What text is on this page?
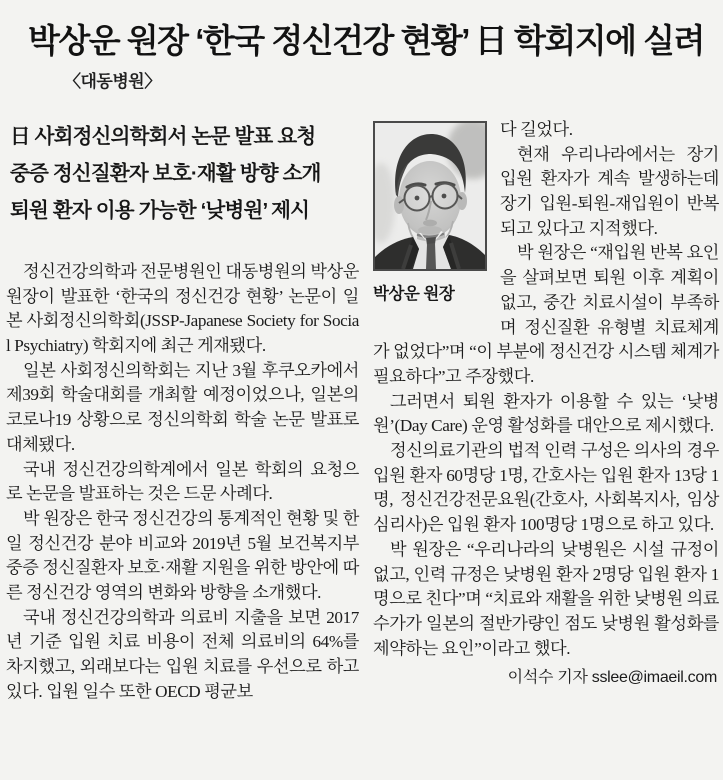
박상운 원장 ‘한국 정신건강 현황’ 日 학회지에 실려
〈대동병원〉
日 사회정신의학회서 논문 발표 요청
중증 정신질환자 보호·재활 방향 소개
퇴원 환자 이용 가능한 ‘낮병원’ 제시

정신건강의학과 전문병원인 대동병원의 박상운 원장이 발표한 ‘한국의 정신건강 현황’ 논문이 일본 사회정신의학회(JSSP-Japanese Society for Social Psychiatry) 학회지에 최근 게재됐다.

일본 사회정신의학회는 지난 3월 후쿠오카에서 제39회 학술대회를 개최할 예정이었으나, 일본의 코로나19 상황으로 정신의학회 학술 논문 발표로 대체됐다.

국내 정신건강의학계에서 일본 학회의 요청으로 논문을 발표하는 것은 드문 사례다.

박 원장은 한국 정신건강의 통계적인 현황 및 한일 정신건강 분야 비교와 2019년 5월 보건복지부 중증 정신질환자 보호·재활 지원을 위한 방안에 따른 정신건강 영역의 변화와 방향을 소개했다.

국내 정신건강의학과 의료비 지출을 보면 2017년 기준 입원 치료 비용이 전체 의료비의 64%를 차지했고, 외래보다는 입원 치료를 우선으로 하고 있다. 입원 일수 또한 OECD 평균보

박상운 원장

다 길었다.

현재 우리나라에서는 장기 입원 환자가 계속 발생하는데 장기 입원-퇴원-재입원이 반복되고 있다고 지적했다.

박 원장은 “재입원 반복 요인을 살펴보면 퇴원 이후 계획이 없고, 중간 치료시설이 부족하며 정신질환 유형별 치료체계가 없었다”며 “이 부분에 정신건강 시스템 체계가 필요하다”고 주장했다.

그러면서 퇴원 환자가 이용할 수 있는 ‘낮병원’(Day Care) 운영 활성화를 대안으로 제시했다.

정신의료기관의 법적 인력 구성은 의사의 경우 입원 환자 60명당 1명, 간호사는 입원 환자 13당 1명, 정신건강전문요원(간호사, 사회복지사, 임상심리사)은 입원 환자 100명당 1명으로 하고 있다.

박 원장은 “우리나라의 낮병원은 시설 규정이 없고, 인력 규정은 낮병원 환자 2명당 입원 환자 1명으로 친다”며 “치료와 재활을 위한 낮병원 의료수가가 일본의 절반가량인 점도 낮병원 활성화를 제약하는 요인”이라고 했다.

이석수 기자 sslee@imaeil.com
